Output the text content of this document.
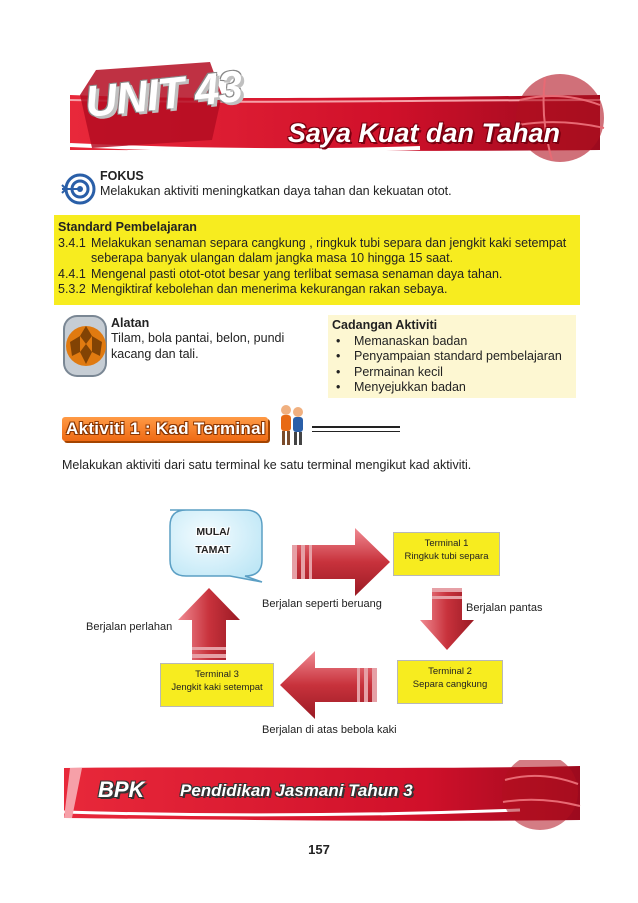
UNIT 43
Saya Kuat dan Tahan
FOKUS
Melakukan aktiviti meningkatkan daya tahan dan kekuatan otot.
Standard Pembelajaran
3.4.1 Melakukan senaman separa cangkung , ringkuk tubi separa dan jengkit kaki setempat seberapa banyak ulangan dalam jangka masa 10 hingga 15 saat.
4.4.1 Mengenal pasti otot-otot besar yang terlibat semasa senaman daya tahan.
5.3.2 Mengiktiraf kebolehan dan menerima kekurangan rakan sebaya.
Alatan
Tilam, bola pantai, belon, pundi kacang dan tali.
Cadangan Aktiviti
•	Memanaskan badan
•	Penyampaian standard pembelajaran
•	Permainan kecil
•	Menyejukkan badan
Aktiviti 1 : Kad Terminal
Melakukan aktiviti dari satu terminal ke satu terminal mengikut kad aktiviti.
Terminal 1
Ringkuk tubi separa
Terminal 2
Separa cangkung
Terminal 3
Jengkit kaki setempat
MULA/
TAMAT
Berjalan seperti beruang	Berjalan pantas
Berjalan di atas bebola kaki
Berjalan perlahan
BPK Pendidikan Jasmani Tahun 3
157
